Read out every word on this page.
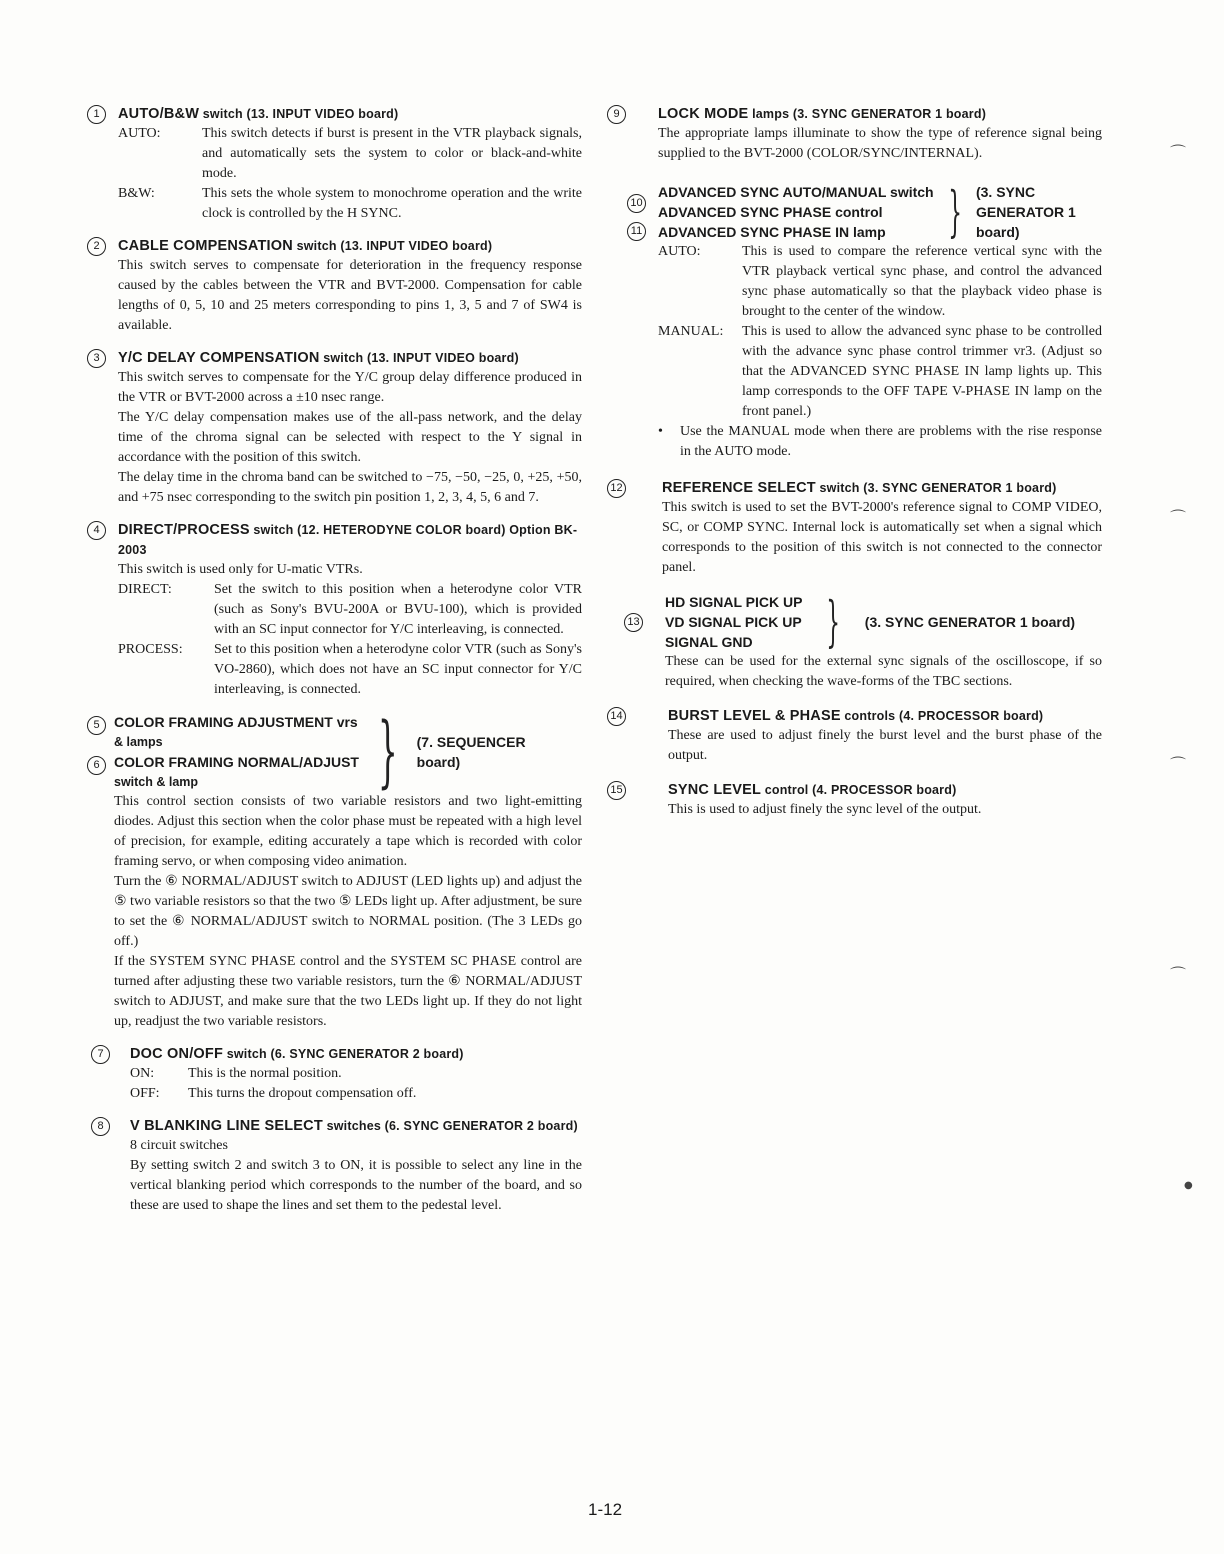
1	AUTO/B&W switch (13. INPUT VIDEO board)
AUTO:	This switch detects if burst is present in the VTR playback signals, and automatically sets the system to color or black-and-white mode.
B&W:	This sets the whole system to monochrome operation and the write clock is controlled by the H SYNC.
2	CABLE COMPENSATION switch (13. INPUT VIDEO board)
This switch serves to compensate for deterioration in the frequency response caused by the cables between the VTR and BVT-2000. Compensation for cable lengths of 0, 5, 10 and 25 meters corresponding to pins 1, 3, 5 and 7 of SW4 is available.
3	Y/C DELAY COMPENSATION switch (13. INPUT VIDEO board)

This switch serves to compensate for the Y/C group delay difference produced in the VTR or BVT-2000 across a ±10 nsec range.

The Y/C delay compensation makes use of the all-pass network, and the delay time of the chroma signal can be selected with respect to the Y signal in accordance with the position of this switch.

The delay time in the chroma band can be switched to −75, −50, −25, 0, +25, +50, and +75 nsec corresponding to the switch pin position 1, 2, 3, 4, 5, 6 and 7.

4	DIRECT/PROCESS switch (12. HETERODYNE COLOR board) Option BK-2003
This switch is used only for U-matic VTRs.
DIRECT:	Set the switch to this position when a heterodyne color VTR (such as Sony's BVU-200A or BVU-100), which is provided with an SC input connector for Y/C interleaving, is connected.
PROCESS:	Set to this position when a heterodyne color VTR (such as Sony's VO-2860), which does not have an SC input connector for Y/C interleaving, is connected.
5
6
COLOR FRAMING ADJUSTMENT vrs
& lamps
COLOR FRAMING NORMAL/ADJUST
switch & lamp	} (7. SEQUENCER board)

This control section consists of two variable resistors and two light-emitting diodes. Adjust this section when the color phase must be repeated with a high level of precision, for example, editing accurately a tape which is recorded with color framing servo, or when composing video animation.

Turn the ⑥ NORMAL/ADJUST switch to ADJUST (LED lights up) and adjust the ⑤ two variable resistors so that the two ⑤ LEDs light up. After adjustment, be sure to set the ⑥ NORMAL/ADJUST switch to NORMAL position. (The 3 LEDs go off.)

If the SYSTEM SYNC PHASE control and the SYSTEM SC PHASE control are turned after adjusting these two variable resistors, turn the ⑥ NORMAL/ADJUST switch to ADJUST, and make sure that the two LEDs light up. If they do not light up, readjust the two variable resistors.

7	DOC ON/OFF switch (6. SYNC GENERATOR 2 board)
ON:	This is the normal position.
OFF:	This turns the dropout compensation off.
8	V BLANKING LINE SELECT switches (6. SYNC GENERATOR 2 board)

8 circuit switches

By setting switch 2 and switch 3 to ON, it is possible to select any line in the vertical blanking period which corresponds to the number of the board, and so these are used to shape the lines and set them to the pedestal level.

9	LOCK MODE lamps (3. SYNC GENERATOR 1 board)
The appropriate lamps illuminate to show the type of reference signal being supplied to the BVT-2000 (COLOR/SYNC/INTERNAL).
10
11
ADVANCED SYNC AUTO/MANUAL switch
ADVANCED SYNC PHASE control
ADVANCED SYNC PHASE IN lamp	} (3. SYNC GENERATOR 1 board)
AUTO:	This is used to compare the reference vertical sync with the VTR playback vertical sync phase, and control the advanced sync phase automatically so that the playback video phase is brought to the center of the window.
MANUAL:	This is used to allow the advanced sync phase to be controlled with the advance sync phase control trimmer vr3. (Adjust so that the ADVANCED SYNC PHASE IN lamp lights up. This lamp corresponds to the OFF TAPE V-PHASE IN lamp on the front panel.)
• Use the MANUAL mode when there are problems with the rise response in the AUTO mode.
12	REFERENCE SELECT switch (3. SYNC GENERATOR 1 board)
This switch is used to set the BVT-2000's reference signal to COMP VIDEO, SC, or COMP SYNC. Internal lock is automatically set when a signal which corresponds to the position of this switch is not connected to the connector panel.
13
HD SIGNAL PICK UP
VD SIGNAL PICK UP
SIGNAL GND	} (3. SYNC GENERATOR 1 board)
These can be used for the external sync signals of the oscilloscope, if so required, when checking the wave-forms of the TBC sections.
14	BURST LEVEL & PHASE controls (4. PROCESSOR board)
These are used to adjust finely the burst level and the burst phase of the output.
15	SYNC LEVEL control (4. PROCESSOR board)
This is used to adjust finely the sync level of the output.
⌒
⌒
⌒
⌒
●
1-12
